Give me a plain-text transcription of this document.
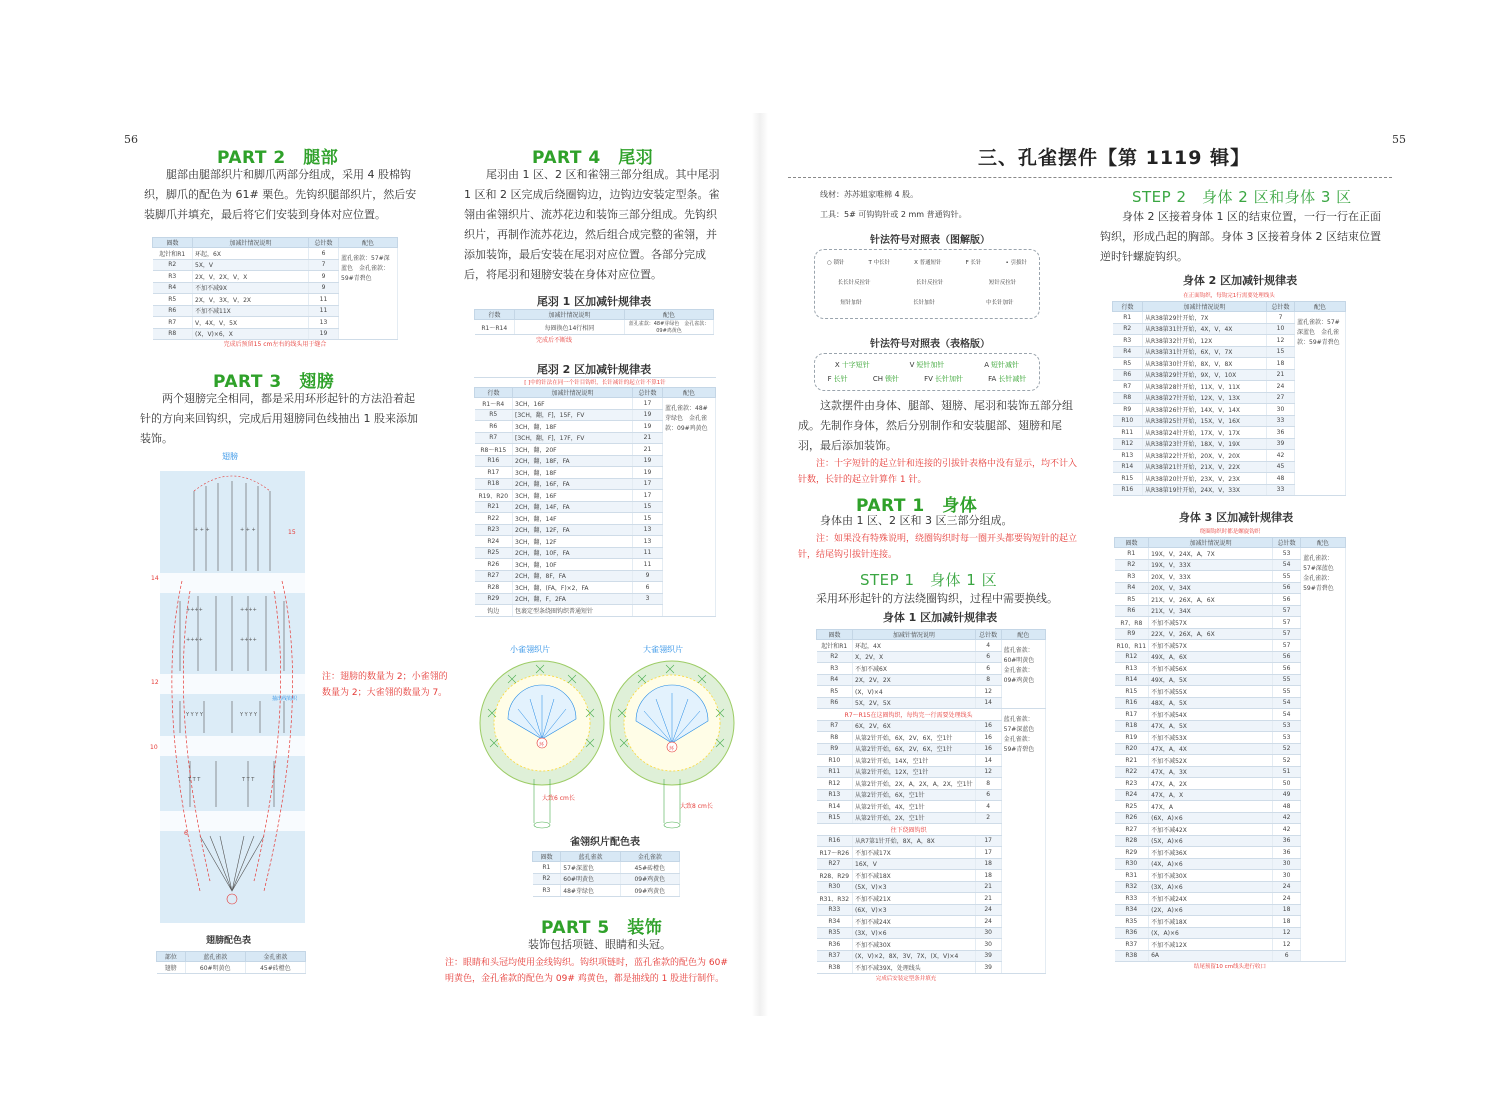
56
PART 2　腿部
腿部由腿部织片和脚爪两部分组成，采用 4 股棉钩织，脚爪的配色为 61# 栗色。先钩织腿部织片，然后安装脚爪并填充，最后将它们安装到身体对应位置。
圈数	加减针情况说明	总针数	配色
起针和R1	环起，6X	6	蓝孔雀款：57#深蓝色　金孔雀款：59#青碧色
R2	5X，V	7	
R3	2X，V，2X，V，X	9	
R4	不加不减9X	9	
R5	2X，V，3X，V，2X	11	
R6	不加不减11X	11	
R7	V，4X，V，5X	13	
R8	(X，V)×6，X	19	
完成后预留15 cm左右的线头用于缝合
PART 3　翅膀
两个翅膀完全相同，都是采用环形起针的方法沿着起针的方向来回钩织，完成后用翅膀同色线抽出 1 股来添加装饰。
翅膀
++++	++++
++++	++++
Y Y Y Y	Y Y Y Y
T T T	T T T
+ + +	+ + +
14
15
12
10
6
抽出线钩织
注：翅膀的数量为 2；小雀翎的数量为 2；大雀翎的数量为 7。
翅膀配色表
部位	蓝孔雀款	金孔雀款
翅膀	60#明黄色	45#砖橙色
PART 4　尾羽
尾羽由 1 区、2 区和雀翎三部分组成。其中尾羽 1 区和 2 区完成后绕圈钩边，边钩边安装定型条。雀翎由雀翎织片、流苏花边和装饰三部分组成。先钩织织片，再制作流苏花边，然后组合成完整的雀翎，并添加装饰，最后安装在尾羽对应位置。各部分完成后，将尾羽和翅膀安装在身体对应位置。
尾羽 1 区加减针规律表
行数	加减针情况说明	配色
R1～R14	每圈换色14行相同	蓝孔雀款：48#芽绿色　金孔雀款：09#鸡黄色
完成后不断线
尾羽 2 区加减针规律表
[ ]中的针法在同一个针目钩织，长针减针的起立针不算1针
行数	加减针情况说明	总针数	配色
R1～R4	3CH，16F	17	蓝孔雀款：48#芽绿色　金孔雀款：09#鸡黄色
R5	[3CH，翻，F]，15F，FV	19	
R6	3CH，翻，18F	19	
R7	[3CH，翻，F]，17F，FV	21	
R8～R15	3CH，翻，20F	21	
R16	2CH，翻，18F，FA	19	
R17	3CH，翻，18F	19	
R18	2CH，翻，16F，FA	17	
R19、R20	3CH，翻，16F	17	
R21	2CH，翻，14F，FA	15	
R22	3CH，翻，14F	15	
R23	2CH，翻，12F，FA	13	
R24	3CH，翻，12F	13	
R25	2CH，翻，10F，FA	11	
R26	3CH，翻，10F	11	
R27	2CH，翻，8F，FA	9	
R28	3CH，翻，(FA，F)×2，FA	6	
R29	2CH，翻，F，2FA	3	
钩边	包裹定型条绕圈钩织普通短针		
小雀翎织片	大雀翎织片
环
大致6 cm长
环
大致8 cm长
雀翎织片配色表
圈数	蓝孔雀款	金孔雀款
R1	57#深蓝色	45#砖橙色
R2	60#明黄色	09#鸡黄色
R3	48#芽绿色	09#鸡黄色
PART 5　装饰
装饰包括项链、眼睛和头冠。
注：眼睛和头冠均使用金线钩织。钩织项链时，蓝孔雀款的配色为 60# 明黄色，金孔雀款的配色为 09# 鸡黄色，都是抽线的 1 股进行制作。
55
三、孔雀摆件【第 1119 辑】
线材：苏苏姐家唯棉 4 股。
工具：5# 可钩钩针或 2 mm 普通钩针。
针法符号对照表（图解版）
○ 锁针	T 中长针	X 普通短针	F 长针	• 引拔针
长长针反拉针	长针反拉针	短针反拉针
短针加针	长针加针	中长针加针
针法符号对照表（表格版）
X 十字短针	V 短针加针	A 短针减针
F 长针	CH 锁针	FV 长针加针	FA 长针减针
这款摆件由身体、腿部、翅膀、尾羽和装饰五部分组成。先制作身体，然后分别制作和安装腿部、翅膀和尾羽，最后添加装饰。
注：十字短针的起立针和连接的引拔针表格中没有显示，均不计入针数，长针的起立针算作 1 针。
PART 1　身体
身体由 1 区、2 区和 3 区三部分组成。
注：如果没有特殊说明，绕圈钩织时每一圈开头都要钩短针的起立针，结尾钩引拔针连接。
STEP 1　身体 1 区
采用环形起针的方法绕圈钩织，过程中需要换线。
身体 1 区加减针规律表
圈数	加减针情况说明	总针数	配色
起针和R1	环起，4X	4	蓝孔雀款：60#明黄色　金孔雀款：09#鸡黄色
R2	X，2V，X	6	
R3	不加不减6X	6	
R4	2X，2V，2X	8	
R5	(X，V)×4	12	
R6	5X，2V，5X	14	
R7～R15在这圈钩织，每钩完一行需要处理线头			蓝孔雀款：57#深蓝色　金孔雀款：59#青碧色
R7	6X，2V，6X	16	
R8	从第2针开始，6X，2V，6X，空1针	16	
R9	从第2针开始，6X，2V，6X，空1针	16	
R10	从第2针开始，14X，空1针	14	
R11	从第2针开始，12X，空1针	12	
R12	从第2针开始，2X，A，2X，A，2X，空1针	8	
R13	从第2针开始，6X，空1针	6	
R14	从第2针开始，4X，空1针	4	
R15	从第2针开始，2X，空1针	2	
往下绕圈钩织			
R16	从R7第1针开始，8X，A，8X	17	
R17～R26	不加不减17X	17	
R27	16X，V	18	
R28、R29	不加不减18X	18	
R30	(5X，V)×3	21	
R31、R32	不加不减21X	21	
R33	(6X，V)×3	24	
R34	不加不减24X	24	
R35	(3X，V)×6	30	
R36	不加不减30X	30	
R37	(X，V)×2，8X，3V，7X，(X，V)×4	39	
R38	不加不减39X，处理线头	39	
完成后安装定型条并填充
STEP 2　身体 2 区和身体 3 区
身体 2 区接着身体 1 区的结束位置，一行一行在正面钩织，形成凸起的胸部。身体 3 区接着身体 2 区结束位置逆时针螺旋钩织。
身体 2 区加减针规律表
在正面钩织，每钩完1行需要处理线头
行数	加减针情况说明	总针数	配色
R1	从R38第29针开始，7X	7	蓝孔雀款：57#深蓝色　金孔雀款：59#青碧色
R2	从R38第31针开始，4X，V，4X	10	
R3	从R38第32针开始，12X	12	
R4	从R38第31针开始，6X，V，7X	15	
R5	从R38第30针开始，8X，V，8X	18	
R6	从R38第29针开始，9X，V，10X	21	
R7	从R38第28针开始，11X，V，11X	24	
R8	从R38第27针开始，12X，V，13X	27	
R9	从R38第26针开始，14X，V，14X	30	
R10	从R38第25针开始，15X，V，16X	33	
R11	从R38第24针开始，17X，V，17X	36	
R12	从R38第23针开始，18X，V，19X	39	
R13	从R38第22针开始，20X，V，20X	42	
R14	从R38第21针开始，21X，V，22X	45	
R15	从R38第20针开始，23X，V，23X	48	
R16	从R38第19针开始，24X，V，33X	33	
身体 3 区加减针规律表
绕圈钩织时都是螺旋钩织
圈数	加减针情况说明	总针数	配色
R1	19X，V，24X，A，7X	53	蓝孔雀款：57#深蓝色　金孔雀款：59#青碧色
R2	19X，V，33X	54	
R3	20X，V，33X	55	
R4	20X，V，34X	56	
R5	21X，V，26X，A，6X	56	
R6	21X，V，34X	57	
R7、R8	不加不减57X	57	
R9	22X，V，26X，A，6X	57	
R10、R11	不加不减57X	57	
R12	49X，A，6X	56	
R13	不加不减56X	56	
R14	49X，A，5X	55	
R15	不加不减55X	55	
R16	48X，A，5X	54	
R17	不加不减54X	54	
R18	47X，A，5X	53	
R19	不加不减53X	53	
R20	47X，A，4X	52	
R21	不加不减52X	52	
R22	47X，A，3X	51	
R23	47X，A，2X	50	
R24	47X，A，X	49	
R25	47X，A	48	
R26	(6X，A)×6	42	
R27	不加不减42X	42	
R28	(5X，A)×6	36	
R29	不加不减36X	36	
R30	(4X，A)×6	30	
R31	不加不减30X	30	
R32	(3X，A)×6	24	
R33	不加不减24X	24	
R34	(2X，A)×6	18	
R35	不加不减18X	18	
R36	(X，A)×6	12	
R37	不加不减12X	12	
R38	6A	6	
结尾预留10 cm线头进行收口
